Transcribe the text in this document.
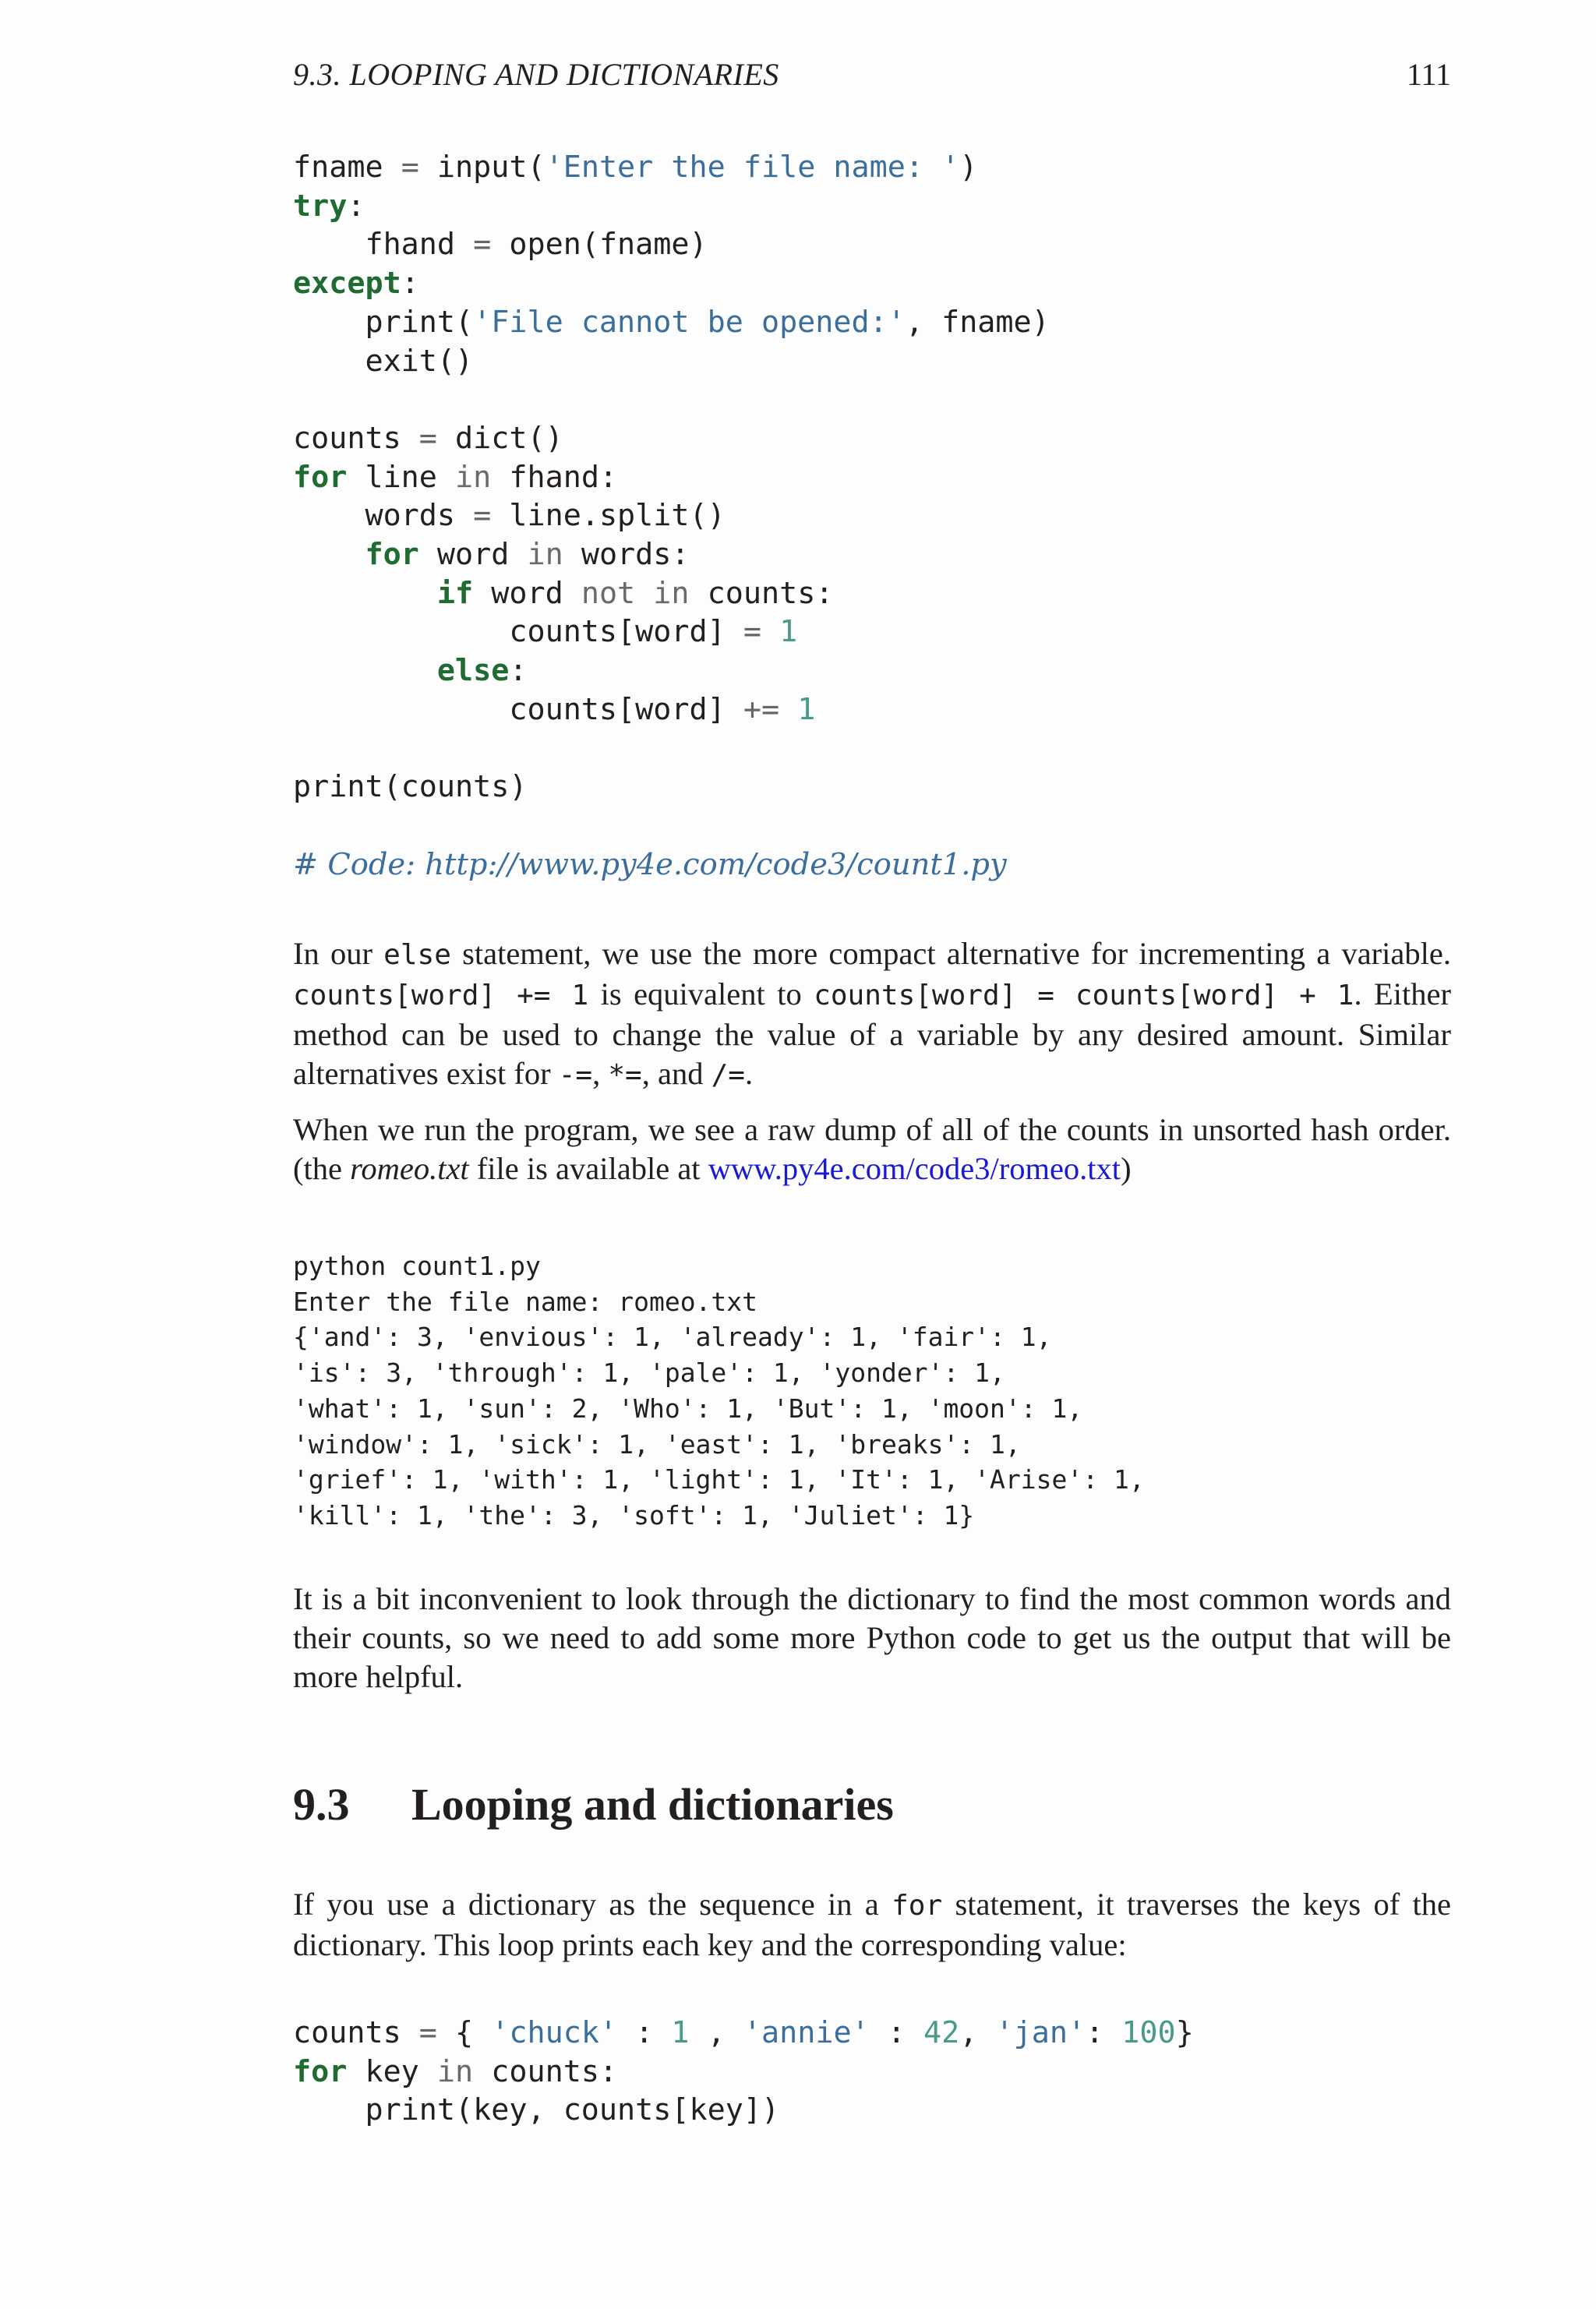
9.3. LOOPING AND DICTIONARIES	111
fname = input('Enter the file name: ')
try:
fhand = open(fname)
except:
print('File cannot be opened:', fname)
exit()
counts = dict()
for line in fhand:
words = line.split()
for word in words:
if word not in counts:
counts[word] = 1
else:
counts[word] += 1
print(counts)
# Code: http://www.py4e.com/code3/count1.py

In our else statement, we use the more compact alternative for incrementing a variable. counts[word] += 1 is equivalent to counts[word] = counts[word] + 1. Either method can be used to change the value of a variable by any desired amount. Similar alternatives exist for -=, *=, and /=.

When we run the program, we see a raw dump of all of the counts in unsorted hash order. (the romeo.txt file is available at www.py4e.com/code3/romeo.txt)

python count1.py
Enter the file name: romeo.txt
{'and': 3, 'envious': 1, 'already': 1, 'fair': 1,
'is': 3, 'through': 1, 'pale': 1, 'yonder': 1,
'what': 1, 'sun': 2, 'Who': 1, 'But': 1, 'moon': 1,
'window': 1, 'sick': 1, 'east': 1, 'breaks': 1,
'grief': 1, 'with': 1, 'light': 1, 'It': 1, 'Arise': 1,
'kill': 1, 'the': 3, 'soft': 1, 'Juliet': 1}

It is a bit inconvenient to look through the dictionary to find the most common words and their counts, so we need to add some more Python code to get us the output that will be more helpful.

9.3 Looping and dictionaries

If you use a dictionary as the sequence in a for statement, it traverses the keys of the dictionary. This loop prints each key and the corresponding value:

counts = { 'chuck' : 1 , 'annie' : 42, 'jan': 100}
for key in counts:
print(key, counts[key])
